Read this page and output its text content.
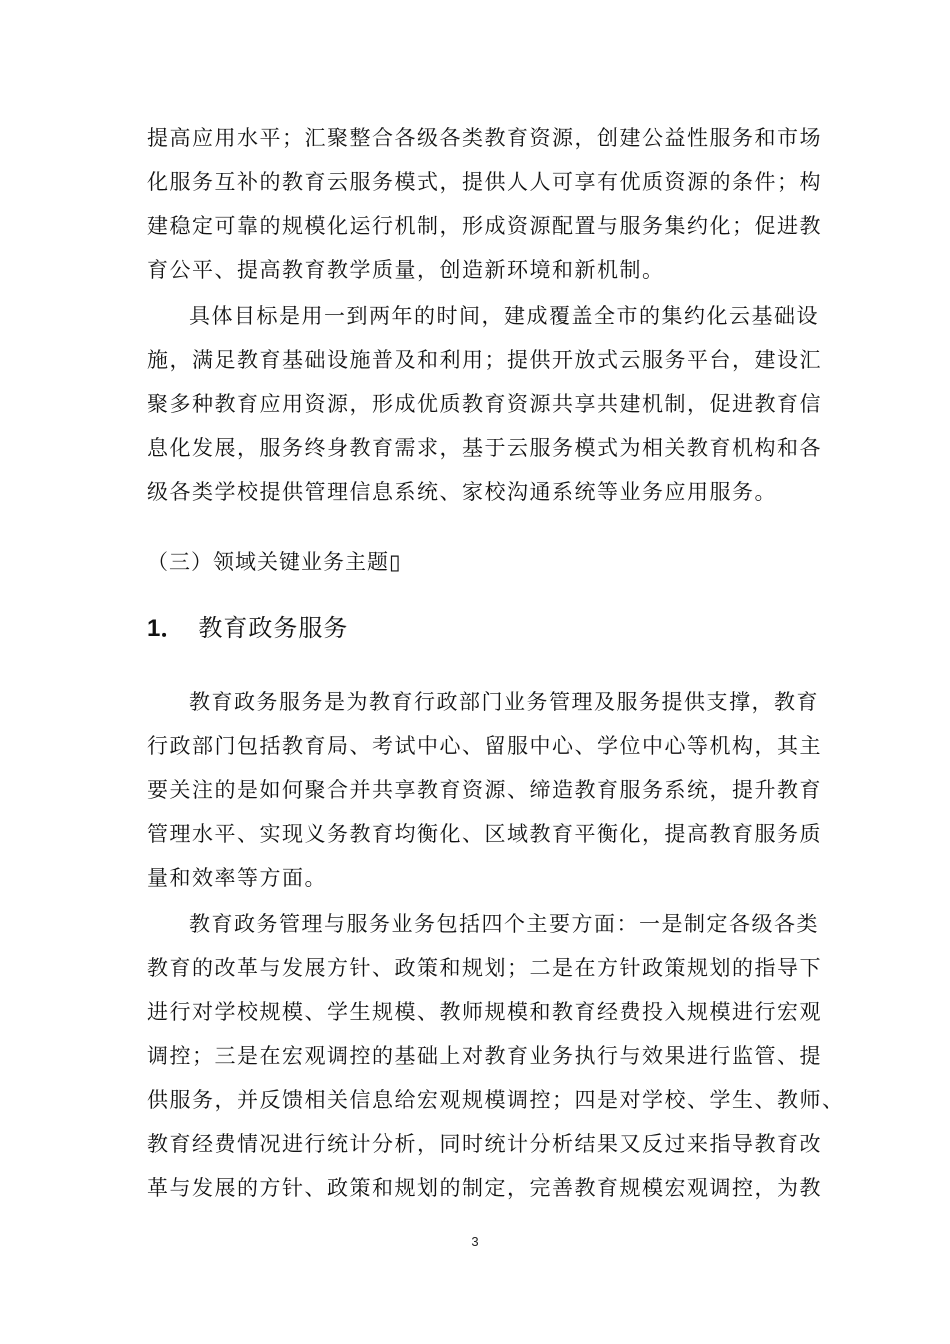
提高应用水平；汇聚整合各级各类教育资源，创建公益性服务和市场
化服务互补的教育云服务模式，提供人人可享有优质资源的条件；构
建稳定可靠的规模化运行机制，形成资源配置与服务集约化；促进教
育公平、提高教育教学质量，创造新环境和新机制。
具体目标是用一到两年的时间，建成覆盖全市的集约化云基础设
施，满足教育基础设施普及和利用；提供开放式云服务平台，建设汇
聚多种教育应用资源，形成优质教育资源共享共建机制，促进教育信
息化发展，服务终身教育需求，基于云服务模式为相关教育机构和各
级各类学校提供管理信息系统、家校沟通系统等业务应用服务。
（三）领域关键业务主题▯
1． 教育政务服务
教育政务服务是为教育行政部门业务管理及服务提供支撑，教育
行政部门包括教育局、考试中心、留服中心、学位中心等机构，其主
要关注的是如何聚合并共享教育资源、缔造教育服务系统，提升教育
管理水平、实现义务教育均衡化、区域教育平衡化，提高教育服务质
量和效率等方面。
教育政务管理与服务业务包括四个主要方面：一是制定各级各类
教育的改革与发展方针、政策和规划；二是在方针政策规划的指导下
进行对学校规模、学生规模、教师规模和教育经费投入规模进行宏观
调控；三是在宏观调控的基础上对教育业务执行与效果进行监管、提
供服务，并反馈相关信息给宏观规模调控；四是对学校、学生、教师、
教育经费情况进行统计分析，同时统计分析结果又反过来指导教育改
革与发展的方针、政策和规划的制定，完善教育规模宏观调控，为教
3
